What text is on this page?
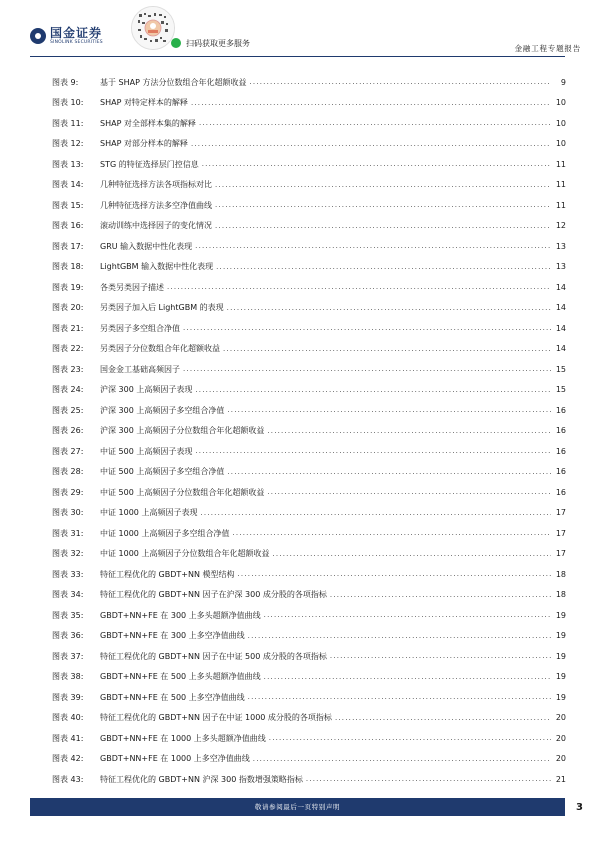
国金证券
SINOLINK SECURITIES	扫码获取更多服务
金融工程专题报告
图表 9:	基于 SHAP 方法分位数组合年化超额收益 .....	9
图表 10:	SHAP 对特定样本的解释 .....	10
图表 11:	SHAP 对全部样本集的解释 .....	10
图表 12:	SHAP 对部分样本的解释 .....	10
图表 13:	STG 的特征选择层门控信息 .....	11
图表 14:	几种特征选择方法各项指标对比 .....	11
图表 15:	几种特征选择方法多空净值曲线 .....	11
图表 16:	滚动训练中选择因子的变化情况 .....	12
图表 17:	GRU 输入数据中性化表现 .....	13
图表 18:	LightGBM 输入数据中性化表现 .....	13
图表 19:	各类另类因子描述 .....	14
图表 20:	另类因子加入后 LightGBM 的表现 .....	14
图表 21:	另类因子多空组合净值 .....	14
图表 22:	另类因子分位数组合年化超额收益 .....	14
图表 23:	国金金工基础高频因子 .....	15
图表 24:	沪深 300 上高频因子表现 .....	15
图表 25:	沪深 300 上高频因子多空组合净值 .....	16
图表 26:	沪深 300 上高频因子分位数组合年化超额收益 .....	16
图表 27:	中证 500 上高频因子表现 .....	16
图表 28:	中证 500 上高频因子多空组合净值 .....	16
图表 29:	中证 500 上高频因子分位数组合年化超额收益 .....	16
图表 30:	中证 1000 上高频因子表现 .....	17
图表 31:	中证 1000 上高频因子多空组合净值 .....	17
图表 32:	中证 1000 上高频因子分位数组合年化超额收益 .....	17
图表 33:	特征工程优化的 GBDT+NN 模型结构 .....	18
图表 34:	特征工程优化的 GBDT+NN 因子在沪深 300 成分股的各项指标 .....	18
图表 35:	GBDT+NN+FE 在 300 上多头超额净值曲线 .....	19
图表 36:	GBDT+NN+FE 在 300 上多空净值曲线 .....	19
图表 37:	特征工程优化的 GBDT+NN 因子在中证 500 成分股的各项指标 .....	19
图表 38:	GBDT+NN+FE 在 500 上多头超额净值曲线 .....	19
图表 39:	GBDT+NN+FE 在 500 上多空净值曲线 .....	19
图表 40:	特征工程优化的 GBDT+NN 因子在中证 1000 成分股的各项指标 .....	20
图表 41:	GBDT+NN+FE 在 1000 上多头超额净值曲线 .....	20
图表 42:	GBDT+NN+FE 在 1000 上多空净值曲线 .....	20
图表 43:	特征工程优化的 GBDT+NN 沪深 300 指数增强策略指标 .....	21
敬请参阅最后一页特别声明	3
